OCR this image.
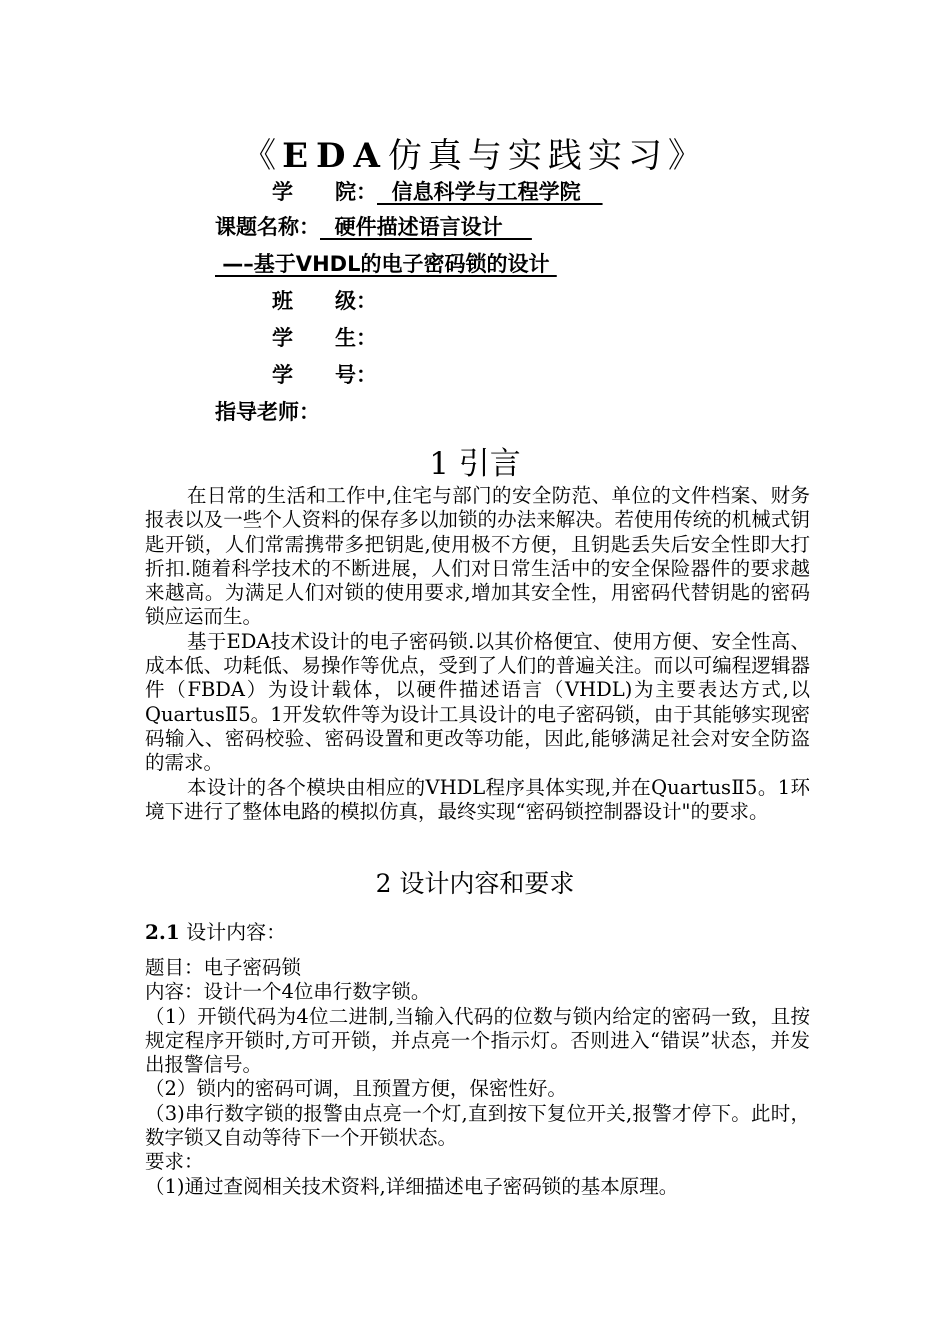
《EDA仿真与实践实习》
学　　院：  信息科学与工程学院
课题名称：  硬件描述语言设计
—–基于VHDL的电子密码锁的设计
班　　级：
学　　生：
学　　号：
指导老师：
1 引言

在日常的生活和工作中,住宅与部门的安全防范、单位的文件档案、财务报表以及一些个人资料的保存多以加锁的办法来解决。若使用传统的机械式钥匙开锁，人们常需携带多把钥匙,使用极不方便，且钥匙丢失后安全性即大打折扣.随着科学技术的不断进展，人们对日常生活中的安全保险器件的要求越来越高。为满足人们对锁的使用要求,增加其安全性，用密码代替钥匙的密码锁应运而生。

基于EDA技术设计的电子密码锁.以其价格便宜、使用方便、安全性高、成本低、功耗低、易操作等优点，受到了人们的普遍关注。而以可编程逻辑器件（FBDA）为设计载体，以硬件描述语言（VHDL)为主要表达方式,以QuartusⅡ5。1开发软件等为设计工具设计的电子密码锁，由于其能够实现密码输入、密码校验、密码设置和更改等功能，因此,能够满足社会对安全防盗的需求。

本设计的各个模块由相应的VHDL程序具体实现,并在QuartusⅡ5。1环境下进行了整体电路的模拟仿真，最终实现“密码锁控制器设计"的要求。

2 设计内容和要求
2.1 设计内容：

题目：电子密码锁

内容：设计一个4位串行数字锁。

（1）开锁代码为4位二进制,当输入代码的位数与锁内给定的密码一致，且按规定程序开锁时,方可开锁，并点亮一个指示灯。否则进入“错误”状态，并发出报警信号。

（2）锁内的密码可调，且预置方便，保密性好。

（3)串行数字锁的报警由点亮一个灯,直到按下复位开关,报警才停下。此时，数字锁又自动等待下一个开锁状态。

要求：

（1)通过查阅相关技术资料,详细描述电子密码锁的基本原理。
